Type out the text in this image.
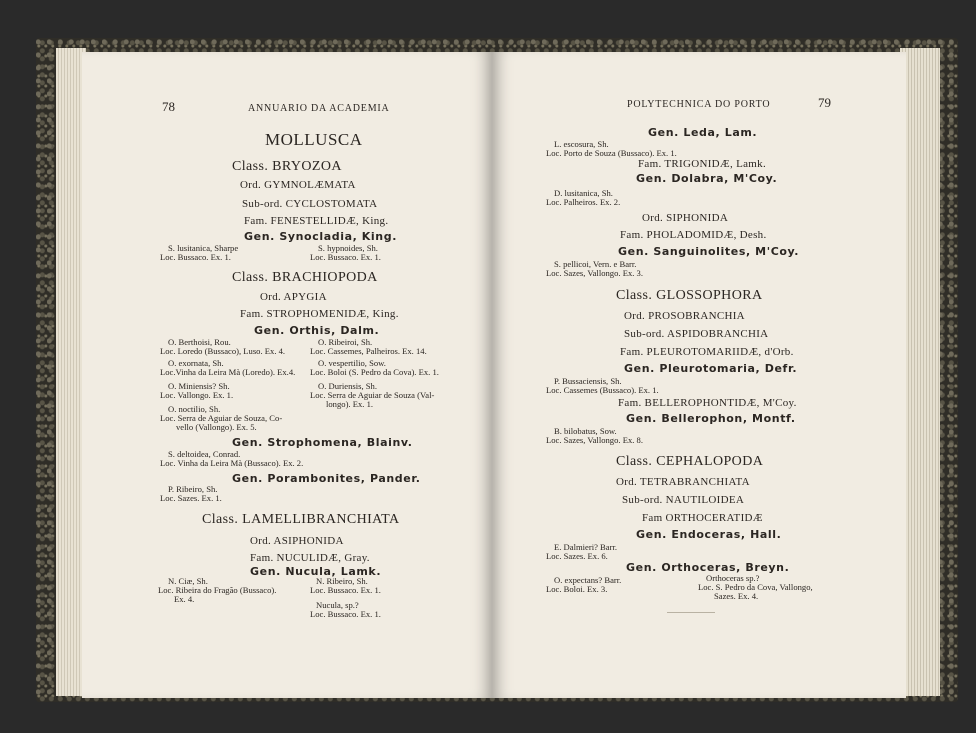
78	ANNUARIO DA ACADEMIA
MOLLUSCA
Class. BRYOZOA
Ord. GYMNOLÆMATA
Sub-ord. CYCLOSTOMATA
Fam. FENESTELLIDÆ, King.
Gen. Synocladia, King.
S. lusitanica, Sharpe
Loc. Bussaco. Ex. 1.
S. hypnoides, Sh.
Loc. Bussaco. Ex. 1.
Class. BRACHIOPODA
Ord. APYGIA
Fam. STROPHOMENIDÆ, King.
Gen. Orthis, Dalm.
O. Berthoisi, Rou.
Loc. Loredo (Bussaco), Luso. Ex. 4.
O. Ribeiroi, Sh.
Loc. Cassemes, Palheiros. Ex. 14.
O. exornata, Sh.
Loc.Vinha da Leira Mà (Loredo). Ex.4.
O. vespertilio, Sow.
Loc. Boloi (S. Pedro da Cova). Ex. 1.
O. Miniensis? Sh.
Loc. Vallongo. Ex. 1.
O. Duriensis, Sh.
Loc. Serra de Aguiar de Souza (Val-
longo). Ex. 1.
O. noctilio, Sh.
Loc. Serra de Aguiar de Souza, Co-
vello (Vallongo). Ex. 5.
Gen. Strophomena, Blainv.
S. deltoidea, Conrad.
Loc. Vinha da Leira Mà (Bussaco). Ex. 2.
Gen. Porambonites, Pander.
P. Ribeiro, Sh.
Loc. Sazes. Ex. 1.
Class. LAMELLIBRANCHIATA
Ord. ASIPHONIDA
Fam. NUCULIDÆ, Gray.
Gen. Nucula, Lamk.
N. Ciæ, Sh.
Loc. Ribeira do Fragão (Bussaco).
Ex. 4.
N. Ribeiro, Sh.
Loc. Bussaco. Ex. 1.
Nucula, sp.?
Loc. Bussaco. Ex. 1.
POLYTECHNICA DO PORTO	79
Gen. Leda, Lam.
L. escosura, Sh.
Loc. Porto de Souza (Bussaco). Ex. 1.
Fam. TRIGONIDÆ, Lamk.
Gen. Dolabra, M'Coy.
D. lusitanica, Sh.
Loc. Palheiros. Ex. 2.
Ord. SIPHONIDA
Fam. PHOLADOMIDÆ, Desh.
Gen. Sanguinolites, M'Coy.
S. pellicoi, Vern. e Barr.
Loc. Sazes, Vallongo. Ex. 3.
Class. GLOSSOPHORA
Ord. PROSOBRANCHIA
Sub-ord. ASPIDOBRANCHIA
Fam. PLEUROTOMARIIDÆ, d'Orb.
Gen. Pleurotomaria, Defr.
P. Bussaciensis, Sh.
Loc. Cassemes (Bussaco). Ex. 1.
Fam. BELLEROPHONTIDÆ, M'Coy.
Gen. Bellerophon, Montf.
B. bilobatus, Sow.
Loc. Sazes, Vallongo. Ex. 8.
Class. CEPHALOPODA
Ord. TETRABRANCHIATA
Sub-ord. NAUTILOIDEA
Fam ORTHOCERATIDÆ
Gen. Endoceras, Hall.
E. Dalmieri? Barr.
Loc. Sazes. Ex. 6.
Gen. Orthoceras, Breyn.
O. expectans? Barr.
Loc. Boloi. Ex. 3.
Orthoceras sp.?
Loc. S. Pedro da Cova, Vallongo,
Sazes. Ex. 4.
